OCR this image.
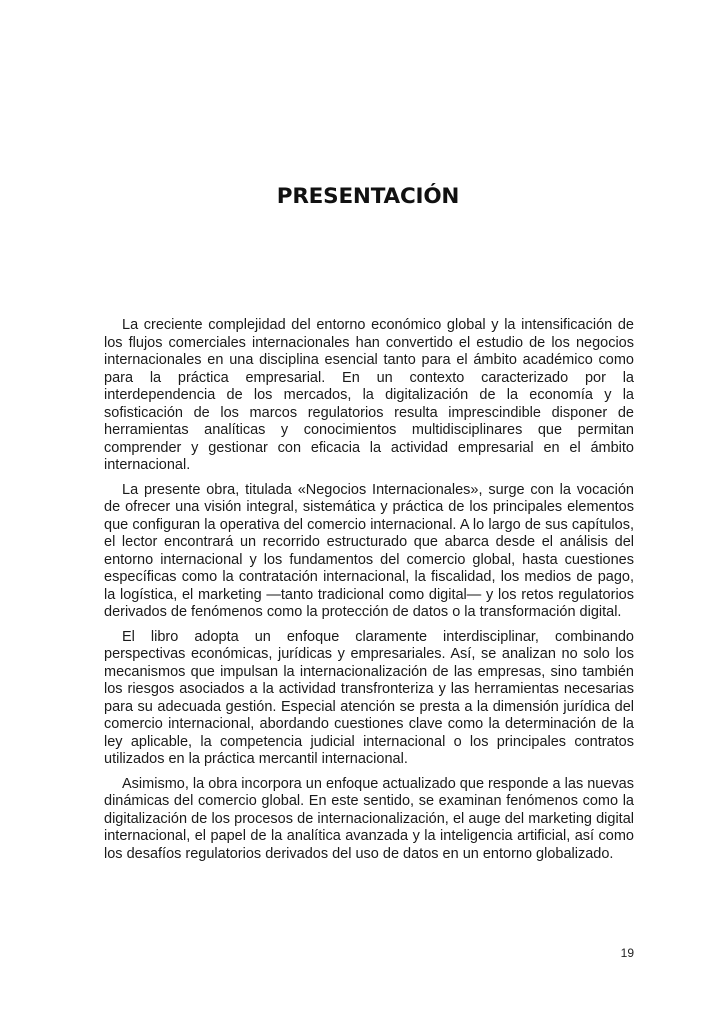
PRESENTACIÓN

La creciente complejidad del entorno económico global y la intensificación de los flujos comerciales internacionales han convertido el estudio de los negocios internacionales en una disciplina esencial tanto para el ámbito académico como para la práctica empresarial. En un contexto caracterizado por la interdependencia de los mercados, la digitalización de la economía y la sofisticación de los marcos regulatorios resulta imprescindible disponer de herramientas analíticas y conocimientos multidisciplinares que permitan comprender y gestionar con eficacia la actividad empresarial en el ámbito internacional.

La presente obra, titulada «Negocios Internacionales», surge con la vocación de ofrecer una visión integral, sistemática y práctica de los principales elementos que configuran la operativa del comercio internacional. A lo largo de sus capítulos, el lector encontrará un recorrido estructurado que abarca desde el análisis del entorno internacional y los fundamentos del comercio global, hasta cuestiones específicas como la contratación internacional, la fiscalidad, los medios de pago, la logística, el marketing —tanto tradicional como digital— y los retos regulatorios derivados de fenómenos como la protección de datos o la transformación digital.

El libro adopta un enfoque claramente interdisciplinar, combinando perspectivas económicas, jurídicas y empresariales. Así, se analizan no solo los mecanismos que impulsan la internacionalización de las empresas, sino también los riesgos asociados a la actividad transfronteriza y las herramientas necesarias para su adecuada gestión. Especial atención se presta a la dimensión jurídica del comercio internacional, abordando cuestiones clave como la determinación de la ley aplicable, la competencia judicial internacional o los principales contratos utilizados en la práctica mercantil internacional.

Asimismo, la obra incorpora un enfoque actualizado que responde a las nuevas dinámicas del comercio global. En este sentido, se examinan fenómenos como la digitalización de los procesos de internacionalización, el auge del marketing digital internacional, el papel de la analítica avanzada y la inteligencia artificial, así como los desafíos regulatorios derivados del uso de datos en un entorno globalizado.

19
